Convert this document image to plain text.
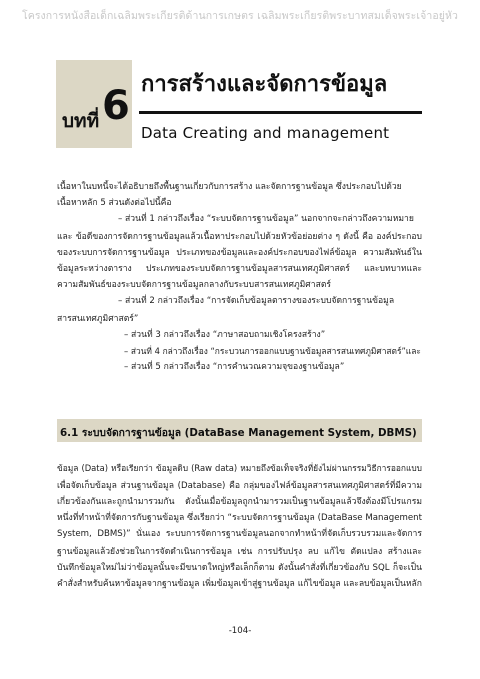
โครงการหนังสือเด็กเฉลิมพระเกียรติด้านการเกษตร เฉลิมพระเกียรติพระบาทสมเด็จพระเจ้าอยู่หัว
บทที่ 6 การสร้างและจัดการข้อมูล
Data Creating and management
เนื้อหาในบทนี้จะได้อธิบายถึงพื้นฐานเกี่ยวกับการสร้าง และจัดการฐานข้อมูล ซึ่งประกอบไปด้วย
เนื้อหาหลัก 5 ส่วนดังต่อไปนี้คือ
– ส่วนที่ 1 กล่าวถึงเรื่อง “ระบบจัดการฐานข้อมูล” นอกจากจะกล่าวถึงความหมาย
และ ข้อดีของการจัดการฐานข้อมูลแล้วเนื้อหาประกอบไปด้วยหัวข้อย่อยต่าง ๆ ดังนี้ คือ องค์ประกอบ
ของระบบการจัดการฐานข้อมูล ประเภทของข้อมูลและองค์ประกอบของไฟล์ข้อมูล ความสัมพันธ์ใน
ข้อมูลระหว่างตาราง ประเภทของระบบจัดการฐานข้อมูลสารสนเทศภูมิศาสตร์ และบทบาทและ
ความสัมพันธ์ของระบบจัดการฐานข้อมูลกลางกับระบบสารสนเทศภูมิศาสตร์
– ส่วนที่ 2 กล่าวถึงเรื่อง “การจัดเก็บข้อมูลตารางของระบบจัดการฐานข้อมูล
สารสนเทศภูมิศาสตร์”
– ส่วนที่ 3 กล่าวถึงเรื่อง “ภาษาสอบถามเชิงโครงสร้าง”
– ส่วนที่ 4 กล่าวถึงเรื่อง “กระบวนการออกแบบฐานข้อมูลสารสนเทศภูมิศาสตร์”และ
– ส่วนที่ 5 กล่าวถึงเรื่อง “การคำนวณความจุของฐานข้อมูล”
6.1 ระบบจัดการฐานข้อมูล (DataBase Management System, DBMS)
ข้อมูล (Data) หรือเรียกว่า ข้อมูลดิบ (Raw data) หมายถึงข้อเท็จจริงที่ยังไม่ผ่านกรรมวิธีการออกแบบ
เพื่อจัดเก็บข้อมูล ส่วนฐานข้อมูล (Database) คือ กลุ่มของไฟล์ข้อมูลสารสนเทศภูมิศาสตร์ที่มีความ
เกี่ยวข้องกันและถูกนำมารวมกัน ดังนั้นเมื่อข้อมูลถูกนำมารวมเป็นฐานข้อมูลแล้วจึงต้องมีโปรแกรม
หนึ่งที่ทำหน้าที่จัดการกับฐานข้อมูล ซึ่งเรียกว่า “ระบบจัดการฐานข้อมูล (DataBase Management
System, DBMS)” นั่นเอง ระบบการจัดการฐานข้อมูลนอกจากทำหน้าที่จัดเก็บรวบรวมและจัดการ
ฐานข้อมูลแล้วยังช่วยในการจัดดำเนินการข้อมูล เช่น การปรับปรุง ลบ แก้ไข ตัดแปลง สร้างและ
บันทึกข้อมูลใหม่ไม่ว่าข้อมูลนั้นจะมีขนาดใหญ่หรือเล็กก็ตาม ดังนั้นคำสั่งที่เกี่ยวข้องกับ SQL ก็จะเป็น
คำสั่งสำหรับค้นหาข้อมูลจากฐานข้อมูล เพิ่มข้อมูลเข้าสู่ฐานข้อมูล แก้ไขข้อมูล และลบข้อมูลเป็นหลัก
-104-
